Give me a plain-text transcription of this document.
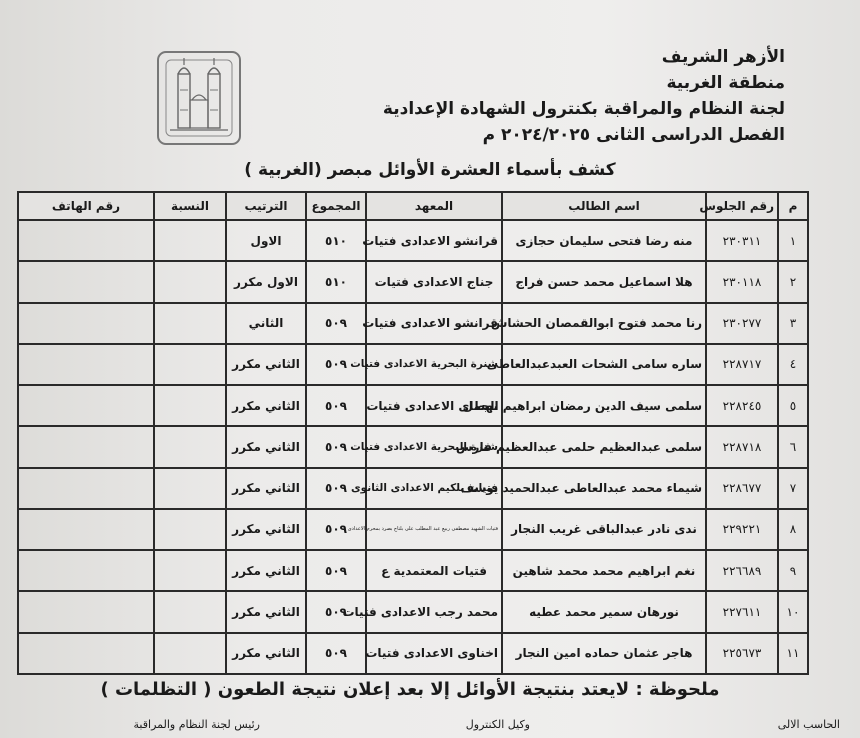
الأزهر الشريف
منطقة الغربية
لجنة النظام والمراقبة بكنترول الشهادة الإعدادية
الفصل الدراسى الثانى ٢٠٢٤/٢٠٢٥ م
كشف بأسماء العشرة الأوائل مبصر (الغربية )
م	رقم الجلوس	اسم الطالب	المعهد	المجموع	الترتيب	النسبة	رقم الهاتف
١	٢٣٠٣١١	منه رضا فتحى سليمان حجازى	قرانشو الاعدادى فتيات	٥١٠	الاول		
٢	٢٣٠١١٨	هلا اسماعيل محمد حسن فراج	جناج الاعدادى فتيات	٥١٠	الاول مكرر		
٣	٢٣٠٢٧٧	رنا محمد فتوح ابوالقمصان الحشاش	قرانشو الاعدادى فتيات	٥٠٩	الثاني		
٤	٢٢٨٧١٧	ساره سامى الشحات العبدعبدالعاطى	شنرة البحرية الاعدادى فتيات	٥٠٩	الثاني مكرر		
٥	٢٢٨٢٤٥	سلمى سيف الدين رمضان ابراهيم الجمل	نهطاى الاعدادى فتيات	٥٠٩	الثاني مكرر		
٦	٢٢٨٧١٨	سلمى عبدالعظيم حلمى عبدالعظيم فارس	شنرة البحرية الاعدادى فتيات	٥٠٩	الثاني مكرر		
٧	٢٢٨٦٧٧	شيماء محمد عبدالعاطى عبدالحميد يوسف	فتيات بلكيم الاعدادى الثانوى	٥٠٩	الثاني مكرر		
٨	٢٢٩٢٢١	ندى نادر عبدالباقى غريب النجار	فتيات الشهيد مصطفى ربيع عبد المطلب على بلتاج بصرد بمحرم الاعدادى	٥٠٩	الثاني مكرر		
٩	٢٢٦٦٨٩	نغم ابراهيم محمد محمد شاهين	فتيات المعتمدية ع	٥٠٩	الثاني مكرر		
١٠	٢٢٧٦١١	نورهان سمير محمد عطيه	محمد رجب الاعدادى فتيات	٥٠٩	الثاني مكرر		
١١	٢٢٥٦٧٣	هاجر عثمان حماده امين النجار	اخناوى الاعدادى فتيات	٥٠٩	الثاني مكرر		
ملحوظة : لايعتد بنتيجة الأوائل إلا بعد إعلان نتيجة الطعون ( التظلمات )
الحاسب الالى
وكيل الكنترول
رئيس لجنة النظام والمراقبة
